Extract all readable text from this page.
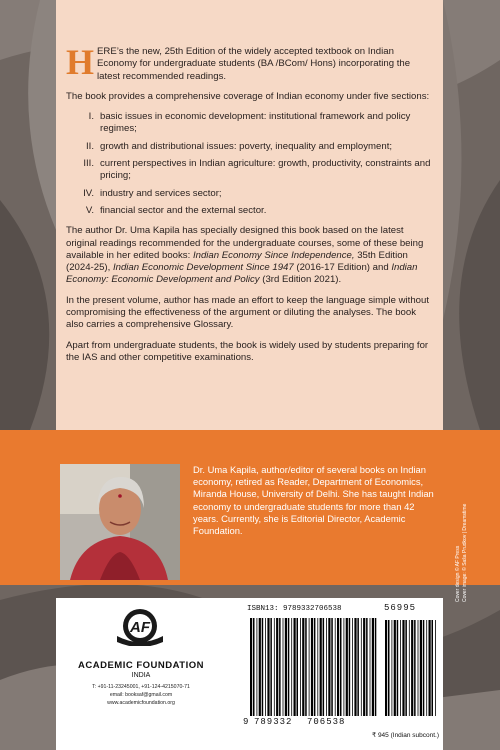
HERE’s the new, 25th Edition of the widely accepted textbook on Indian Economy for undergraduate students (BA /BCom/ Hons) incorporating the latest recommended readings.

The book provides a comprehensive coverage of Indian economy under five sections:

I. basic issues in economic development: institutional framework and policy regimes;
II. growth and distributional issues: poverty, inequality and employment;
III. current perspectives in Indian agriculture: growth, productivity, constraints and pricing;
IV. industry and services sector;
V. financial sector and the external sector.

The author Dr. Uma Kapila has specially designed this book based on the latest original readings recommended for the undergraduate courses, some of these being available in her edited books: Indian Economy Since Independence, 35th Edition (2024-25), Indian Economic Development Since 1947 (2016-17 Edition) and Indian Economy: Economic Development and Policy (3rd Edition 2021).

In the present volume, author has made an effort to keep the language simple without compromising the effectiveness of the argument or diluting the analyses. The book also carries a comprehensive Glossary.

Apart from undergraduate students, the book is widely used by students preparing for the IAS and other competitive examinations.

Dr. Uma Kapila, author/editor of several books on Indian economy, retired as Reader, Department of Economics, Miranda House, University of Delhi. She has taught Indian economy to undergraduate students for more than 42 years. Currently, she is Editorial Director, Academic Foundation.

Cover design © AF Press Cover image: © Saša Prudkov | Dreamstime
AF
ACADEMIC FOUNDATION
INDIA
T: +91-11-23245001, +91-124-4215070-71
email: booksaf@gmail.com
www.academicfoundation.org
ISBN13: 9789332706538
9 789332 706538
56995
₹ 945 (Indian subcont.)
